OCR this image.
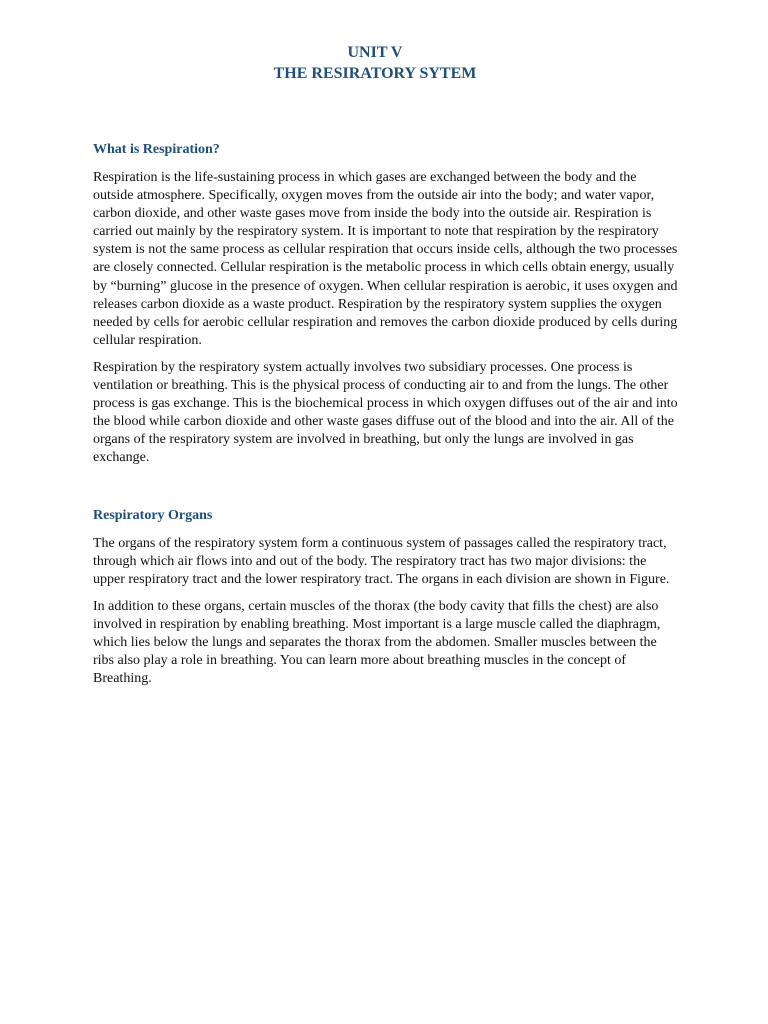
UNIT V
THE RESIRATORY SYTEM
What is Respiration?

Respiration is the life-sustaining process in which gases are exchanged between the body and the outside atmosphere. Specifically, oxygen moves from the outside air into the body; and water vapor, carbon dioxide, and other waste gases move from inside the body into the outside air. Respiration is carried out mainly by the respiratory system. It is important to note that respiration by the respiratory system is not the same process as cellular respiration that occurs inside cells, although the two processes are closely connected. Cellular respiration is the metabolic process in which cells obtain energy, usually by “burning” glucose in the presence of oxygen. When cellular respiration is aerobic, it uses oxygen and releases carbon dioxide as a waste product. Respiration by the respiratory system supplies the oxygen needed by cells for aerobic cellular respiration and removes the carbon dioxide produced by cells during cellular respiration.

Respiration by the respiratory system actually involves two subsidiary processes. One process is ventilation or breathing. This is the physical process of conducting air to and from the lungs. The other process is gas exchange. This is the biochemical process in which oxygen diffuses out of the air and into the blood while carbon dioxide and other waste gases diffuse out of the blood and into the air. All of the organs of the respiratory system are involved in breathing, but only the lungs are involved in gas exchange.

Respiratory Organs

The organs of the respiratory system form a continuous system of passages called the respiratory tract, through which air flows into and out of the body. The respiratory tract has two major divisions: the upper respiratory tract and the lower respiratory tract. The organs in each division are shown in Figure.

In addition to these organs, certain muscles of the thorax (the body cavity that fills the chest) are also involved in respiration by enabling breathing. Most important is a large muscle called the diaphragm, which lies below the lungs and separates the thorax from the abdomen. Smaller muscles between the ribs also play a role in breathing. You can learn more about breathing muscles in the concept of Breathing.
